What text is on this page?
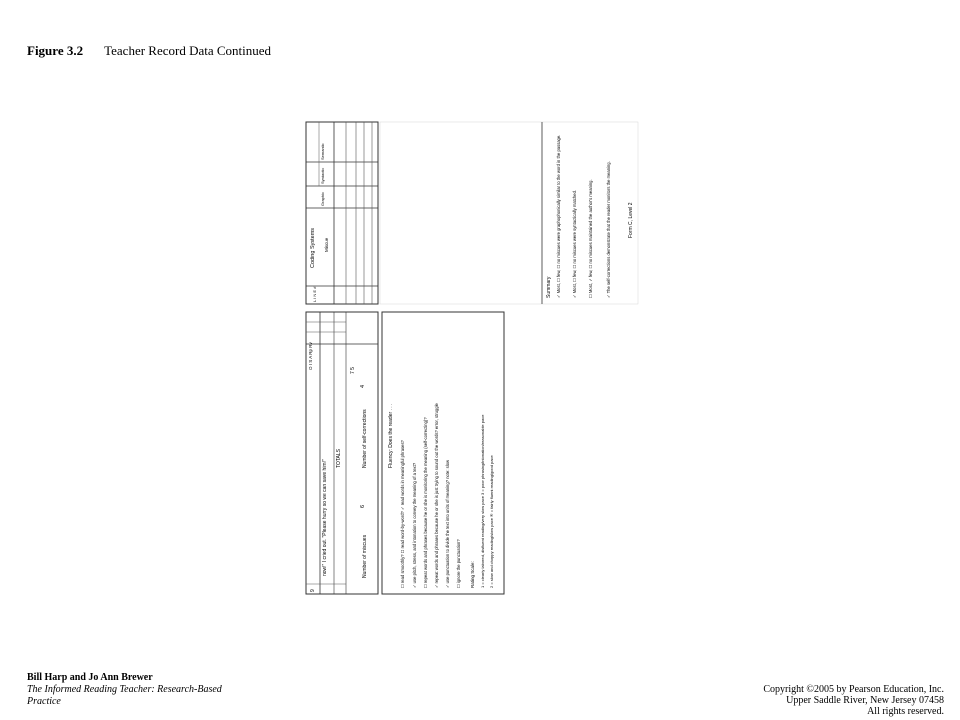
Figure 3.2 Teacher Record Data Continued
Coding Systems Miscue
Graphic
Syntactic
Semantic
L I N E #	Summary ✓ Most, ☐ few, ☐ no miscues were graphophonically similar to the word in the passage.	✓ Most, ☐ few, ☐ no miscues were syntactically matched.	☐ Most, ✓ few, ☐ no miscues maintained the author's meaning.	✓ The self-corrections demonstrate that the reader monitors the meaning.	Form C, Level 2
O I S A Rp Rv
9
now!" I cried out. "Please hurry so we can save him!"
TOTALS
7 5
Number of miscues
6
Number of self-corrections
4
Fluency: Does the reader . . .
☐ read smoothly? ☐ read word-by-word? ✓ read words in meaningful phrases? ✓ use pitch, stress, and intonation to convey the meaning of a text? ☐ repeat words and phrases because he or she is monitoring the meaning (self-correcting)? ✓ repeat words and phrases because he or she is just trying to sound out the words? error, struggle ✓ use punctuation to divide the text into units of meaning? note: slow ☐ ignore the punctuation? Rating Scale: 1 = clearly labored, disfluent reading/very slow pace 3 = poor phrasing/intonation/reasonable pace 2 = slow and choppy reading/slow pace ④ = fairly fluent reading/good pace
Bill Harp and Jo Ann Brewer
The Informed Reading Teacher: Research-Based Practice
Copyright ©2005 by Pearson Education, Inc.
Upper Saddle River, New Jersey 07458
All rights reserved.
